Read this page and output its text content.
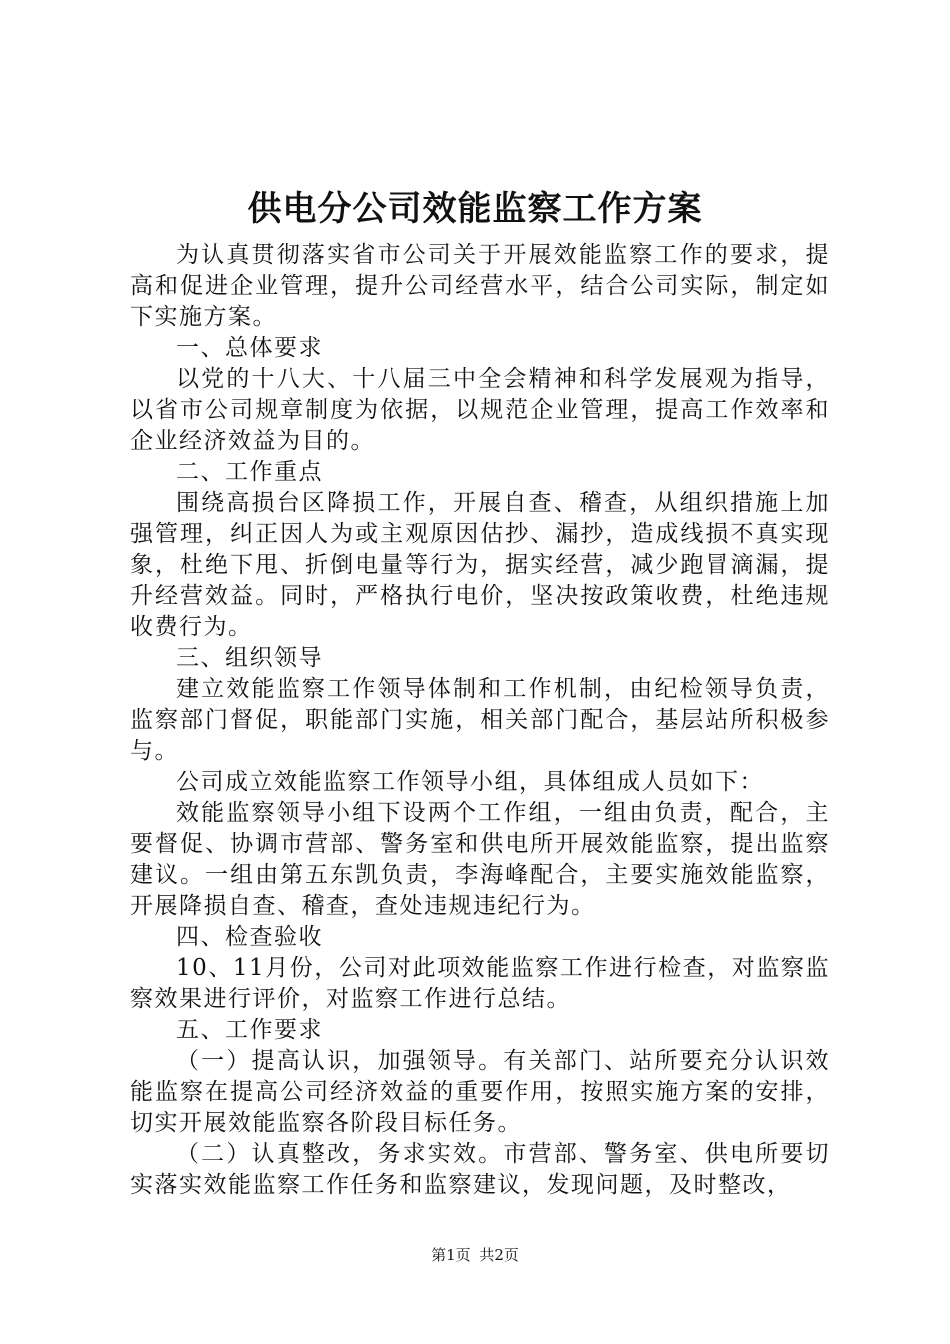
供电分公司效能监察工作方案

为认真贯彻落实省市公司关于开展效能监察工作的要求，提高和促进企业管理，提升公司经营水平，结合公司实际，制定如下实施方案。

一、总体要求

以党的十八大、十八届三中全会精神和科学发展观为指导，以省市公司规章制度为依据，以规范企业管理，提高工作效率和企业经济效益为目的。

二、工作重点

围绕高损台区降损工作，开展自查、稽查，从组织措施上加强管理，纠正因人为或主观原因估抄、漏抄，造成线损不真实现象，杜绝下甩、折倒电量等行为，据实经营，减少跑冒滴漏，提升经营效益。同时，严格执行电价，坚决按政策收费，杜绝违规收费行为。

三、组织领导

建立效能监察工作领导体制和工作机制，由纪检领导负责，监察部门督促，职能部门实施，相关部门配合，基层站所积极参与。

公司成立效能监察工作领导小组，具体组成人员如下：

效能监察领导小组下设两个工作组，一组由负责，配合，主要督促、协调市营部、警务室和供电所开展效能监察，提出监察建议。一组由第五东凯负责，李海峰配合，主要实施效能监察，开展降损自查、稽查，查处违规违纪行为。

四、检查验收

10、11月份，公司对此项效能监察工作进行检查，对监察监察效果进行评价，对监察工作进行总结。

五、工作要求

（一）提高认识，加强领导。有关部门、站所要充分认识效能监察在提高公司经济效益的重要作用，按照实施方案的安排，切实开展效能监察各阶段目标任务。

（二）认真整改，务求实效。市营部、警务室、供电所要切实落实效能监察工作任务和监察建议，发现问题，及时整改，

第1页 共2页
